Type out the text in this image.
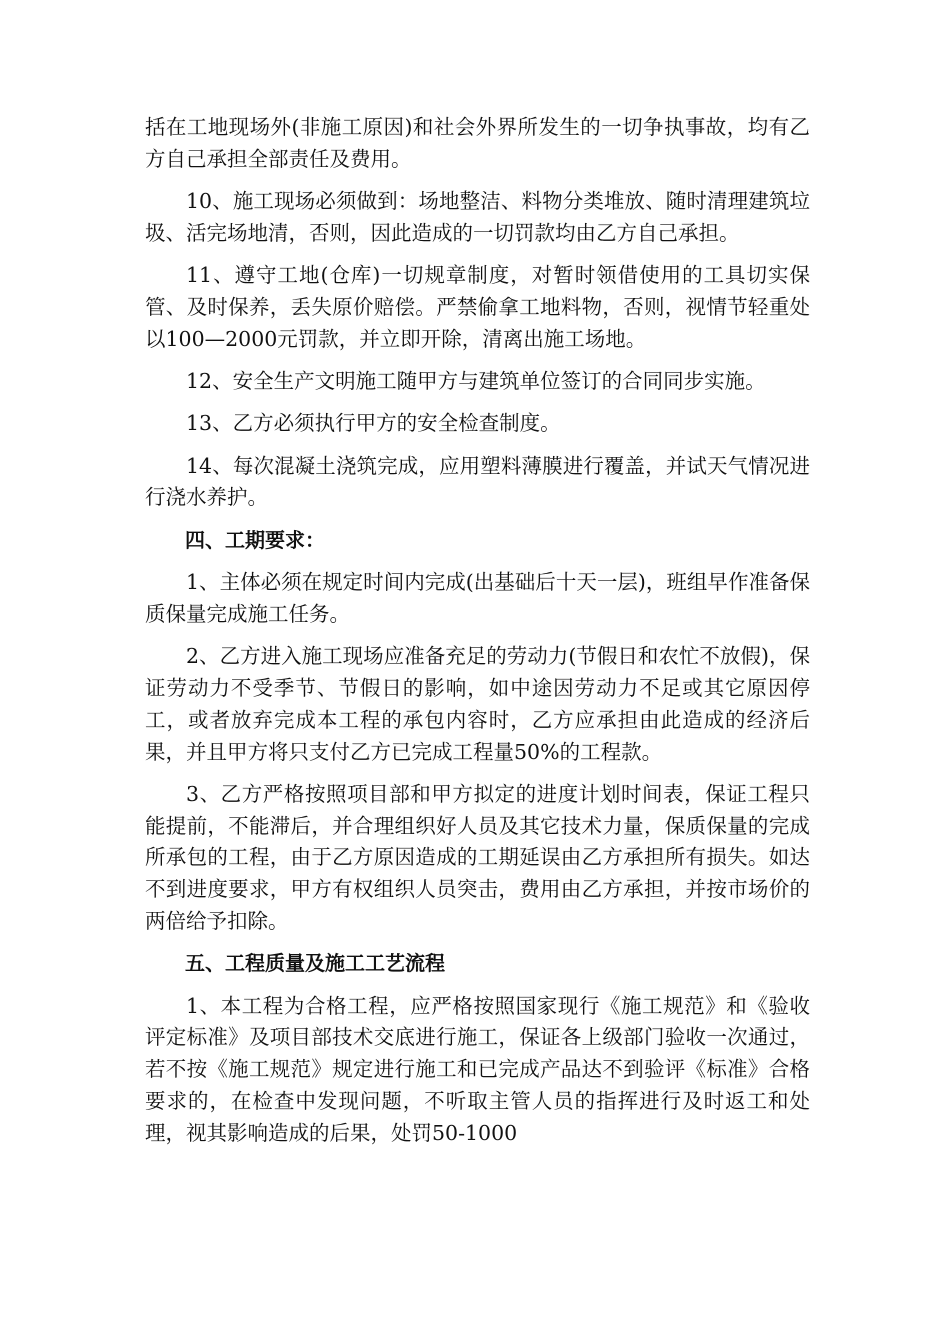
括在工地现场外(非施工原因)和社会外界所发生的一切争执事故，均有乙方自己承担全部责任及费用。

10、施工现场必须做到：场地整洁、料物分类堆放、随时清理建筑垃圾、活完场地清，否则，因此造成的一切罚款均由乙方自己承担。

11、遵守工地(仓库)一切规章制度，对暂时领借使用的工具切实保管、及时保养，丢失原价赔偿。严禁偷拿工地料物，否则，视情节轻重处以100—2000元罚款，并立即开除，清离出施工场地。

12、安全生产文明施工随甲方与建筑单位签订的合同同步实施。

13、乙方必须执行甲方的安全检查制度。

14、每次混凝土浇筑完成，应用塑料薄膜进行覆盖，并试天气情况进行浇水养护。

四、工期要求：

1、主体必须在规定时间内完成(出基础后十天一层)，班组早作准备保质保量完成施工任务。

2、乙方进入施工现场应准备充足的劳动力(节假日和农忙不放假)，保证劳动力不受季节、节假日的影响，如中途因劳动力不足或其它原因停工，或者放弃完成本工程的承包内容时，乙方应承担由此造成的经济后果，并且甲方将只支付乙方已完成工程量50%的工程款。

3、乙方严格按照项目部和甲方拟定的进度计划时间表，保证工程只能提前，不能滞后，并合理组织好人员及其它技术力量，保质保量的完成所承包的工程，由于乙方原因造成的工期延误由乙方承担所有损失。如达不到进度要求，甲方有权组织人员突击，费用由乙方承担，并按市场价的两倍给予扣除。

五、工程质量及施工工艺流程

1、本工程为合格工程，应严格按照国家现行《施工规范》和《验收评定标准》及项目部技术交底进行施工，保证各上级部门验收一次通过，若不按《施工规范》规定进行施工和已完成产品达不到验评《标准》合格要求的，在检查中发现问题，不听取主管人员的指挥进行及时返工和处理，视其影响造成的后果，处罚50-1000
